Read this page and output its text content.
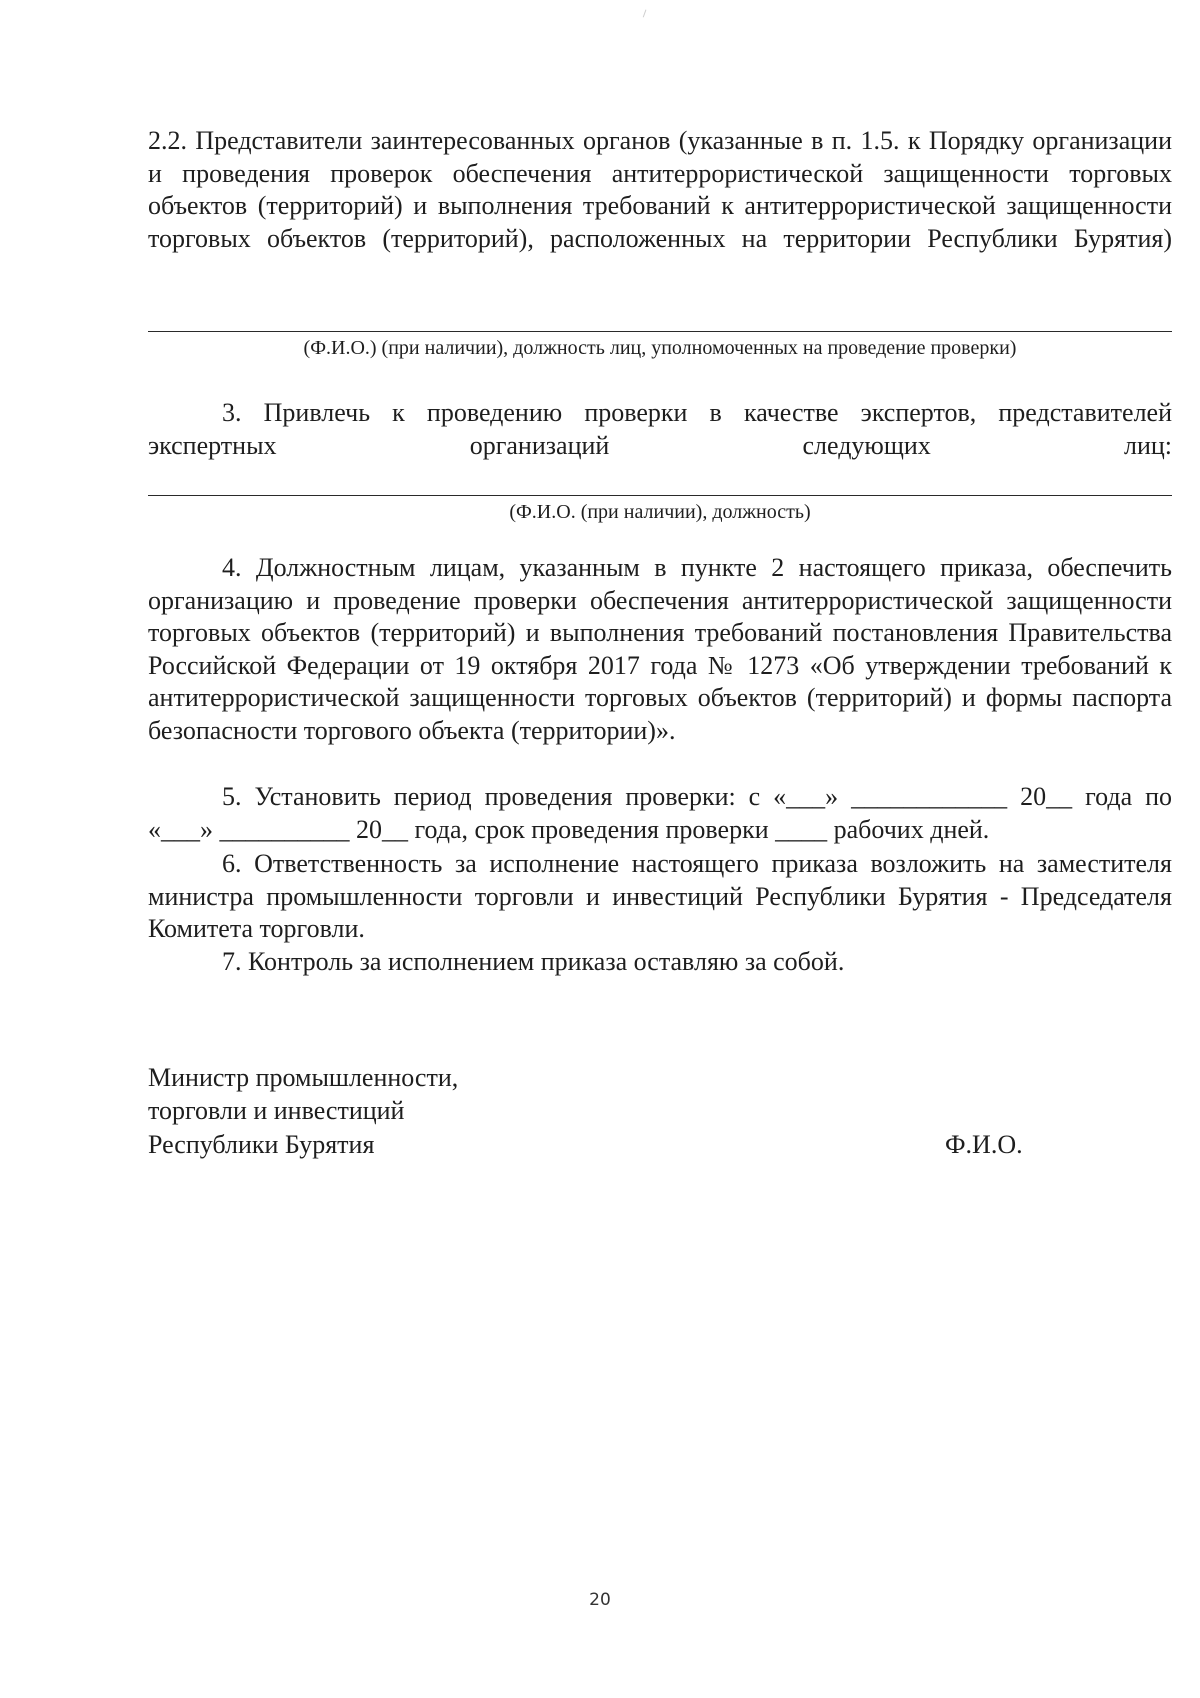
2.2. Представители заинтересованных органов (указанные в п. 1.5. к Порядку организации и проведения проверок обеспечения антитеррористической защищенности торговых объектов (территорий) и выполнения требований к антитеррористической защищенности торговых объектов (территорий), расположенных на территории Республики Бурятия)

(Ф.И.О.) (при наличии), должность лиц, уполномоченных на проведение проверки)

3. Привлечь к проведению проверки в качестве экспертов, представителей экспертных организаций следующих лиц:

(Ф.И.О. (при наличии), должность)

4. Должностным лицам, указанным в пункте 2 настоящего приказа, обеспечить организацию и проведение проверки обеспечения антитеррористической защищенности торговых объектов (территорий) и выполнения требований постановления Правительства Российской Федерации от 19 октября 2017 года № 1273 «Об утверждении требований к антитеррористической защищенности торговых объектов (территорий) и формы паспорта безопасности торгового объекта (территории)».

5. Установить период проведения проверки: с «___» ____________ 20__ года по «___» __________ 20__ года, срок проведения проверки ____ рабочих дней.

6. Ответственность за исполнение настоящего приказа возложить на заместителя министра промышленности торговли и инвестиций Республики Бурятия - Председателя Комитета торговли.

7. Контроль за исполнением приказа оставляю за собой.

Министр промышленности,
торговли и инвестиций
Республики Бурятия	Ф.И.О.
20
